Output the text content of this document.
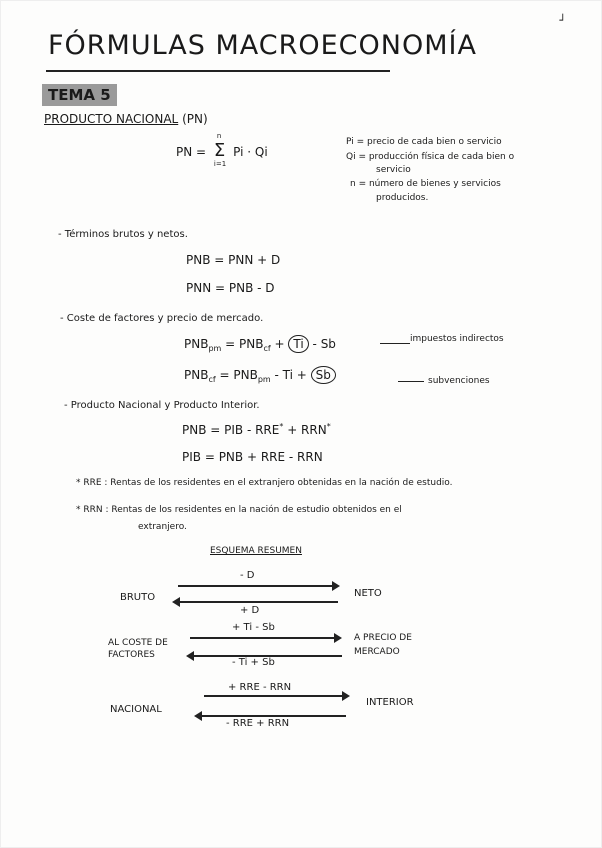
┘
FÓRMULAS MACROECONOMÍA
TEMA 5
PRODUCTO NACIONAL (PN)
PN =
n
Σ
i=1
Pi · Qi
Pi = precio de cada bien o servicio
Qi = producción física de cada bien o
servicio
n = número de bienes y servicios
producidos.
- Términos brutos y netos.
PNB = PNN + D
PNN = PNB - D
- Coste de factores y precio de mercado.
$PNB_{pm} = PNB_{cf} + Ti - Sb$	impuestos indirectos
$PNB_{cf} = PNB_{pm} - Ti + Sb$	subvenciones
- Producto Nacional y Producto Interior.
PNB = PIB - RRE* + RRN*
PIB = PNB + RRE - RRN
* RRE : Rentas de los residentes en el extranjero obtenidas en la nación de estudio.
* RRN : Rentas de los residentes en la nación de estudio obtenidos en el
extranjero.
ESQUEMA RESUMEN
BRUTO	NETO
- D
+ D
AL COSTE DE
FACTORES
A PRECIO DE
MERCADO
+ Ti - Sb
- Ti + Sb
NACIONAL
INTERIOR
+ RRE - RRN
- RRE + RRN
